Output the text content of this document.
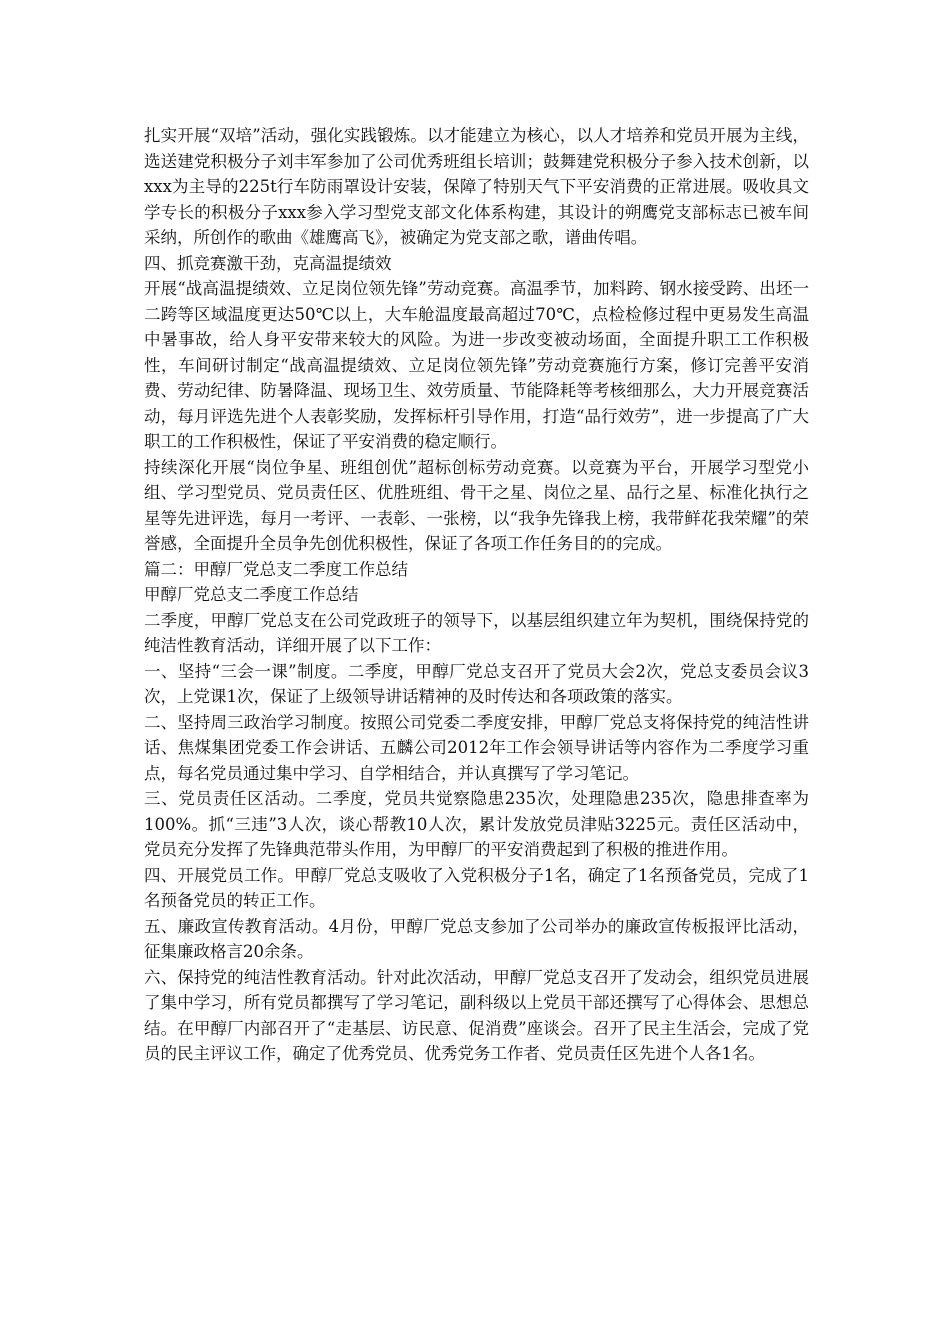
扎实开展“双培”活动，强化实践锻炼。以才能建立为核心，以人才培养和党员开展为主线，选送建党积极分子刘丰军参加了公司优秀班组长培训；鼓舞建党积极分子参入技术创新，以xxx为主导的225t行车防雨罩设计安装，保障了特别天气下平安消费的正常进展。吸收具文学专长的积极分子xxx参入学习型党支部文化体系构建，其设计的朔鹰党支部标志已被车间采纳，所创作的歌曲《雄鹰高飞》，被确定为党支部之歌，谱曲传唱。

四、抓竞赛激干劲，克高温提绩效

开展“战高温提绩效、立足岗位领先锋”劳动竞赛。高温季节，加料跨、钢水接受跨、出坯一二跨等区域温度更达50℃以上，大车舱温度最高超过70℃，点检检修过程中更易发生高温中暑事故，给人身平安带来较大的风险。为进一步改变被动场面，全面提升职工工作积极性，车间研讨制定“战高温提绩效、立足岗位领先锋”劳动竞赛施行方案，修订完善平安消费、劳动纪律、防暑降温、现场卫生、效劳质量、节能降耗等考核细那么，大力开展竞赛活动，每月评选先进个人表彰奖励，发挥标杆引导作用，打造“品行效劳”，进一步提高了广大职工的工作积极性，保证了平安消费的稳定顺行。

持续深化开展“岗位争星、班组创优”超标创标劳动竞赛。以竞赛为平台，开展学习型党小组、学习型党员、党员责任区、优胜班组、骨干之星、岗位之星、品行之星、标准化执行之星等先进评选，每月一考评、一表彰、一张榜，以“我争先锋我上榜，我带鲜花我荣耀”的荣誉感，全面提升全员争先创优积极性，保证了各项工作任务目的的完成。

篇二：甲醇厂党总支二季度工作总结

甲醇厂党总支二季度工作总结

二季度，甲醇厂党总支在公司党政班子的领导下，以基层组织建立年为契机，围绕保持党的纯洁性教育活动，详细开展了以下工作：

一、坚持“三会一课”制度。二季度，甲醇厂党总支召开了党员大会2次，党总支委员会议3次，上党课1次，保证了上级领导讲话精神的及时传达和各项政策的落实。

二、坚持周三政治学习制度。按照公司党委二季度安排，甲醇厂党总支将保持党的纯洁性讲话、焦煤集团党委工作会讲话、五麟公司2012年工作会领导讲话等内容作为二季度学习重点，每名党员通过集中学习、自学相结合，并认真撰写了学习笔记。

三、党员责任区活动。二季度，党员共觉察隐患235次，处理隐患235次，隐患排查率为100%。抓“三违”3人次，谈心帮教10人次，累计发放党员津贴3225元。责任区活动中，党员充分发挥了先锋典范带头作用，为甲醇厂的平安消费起到了积极的推进作用。

四、开展党员工作。甲醇厂党总支吸收了入党积极分子1名，确定了1名预备党员，完成了1名预备党员的转正工作。

五、廉政宣传教育活动。4月份，甲醇厂党总支参加了公司举办的廉政宣传板报评比活动，征集廉政格言20余条。

六、保持党的纯洁性教育活动。针对此次活动，甲醇厂党总支召开了发动会，组织党员进展了集中学习，所有党员都撰写了学习笔记，副科级以上党员干部还撰写了心得体会、思想总结。在甲醇厂内部召开了“走基层、访民意、促消费”座谈会。召开了民主生活会，完成了党员的民主评议工作，确定了优秀党员、优秀党务工作者、党员责任区先进个人各1名。
